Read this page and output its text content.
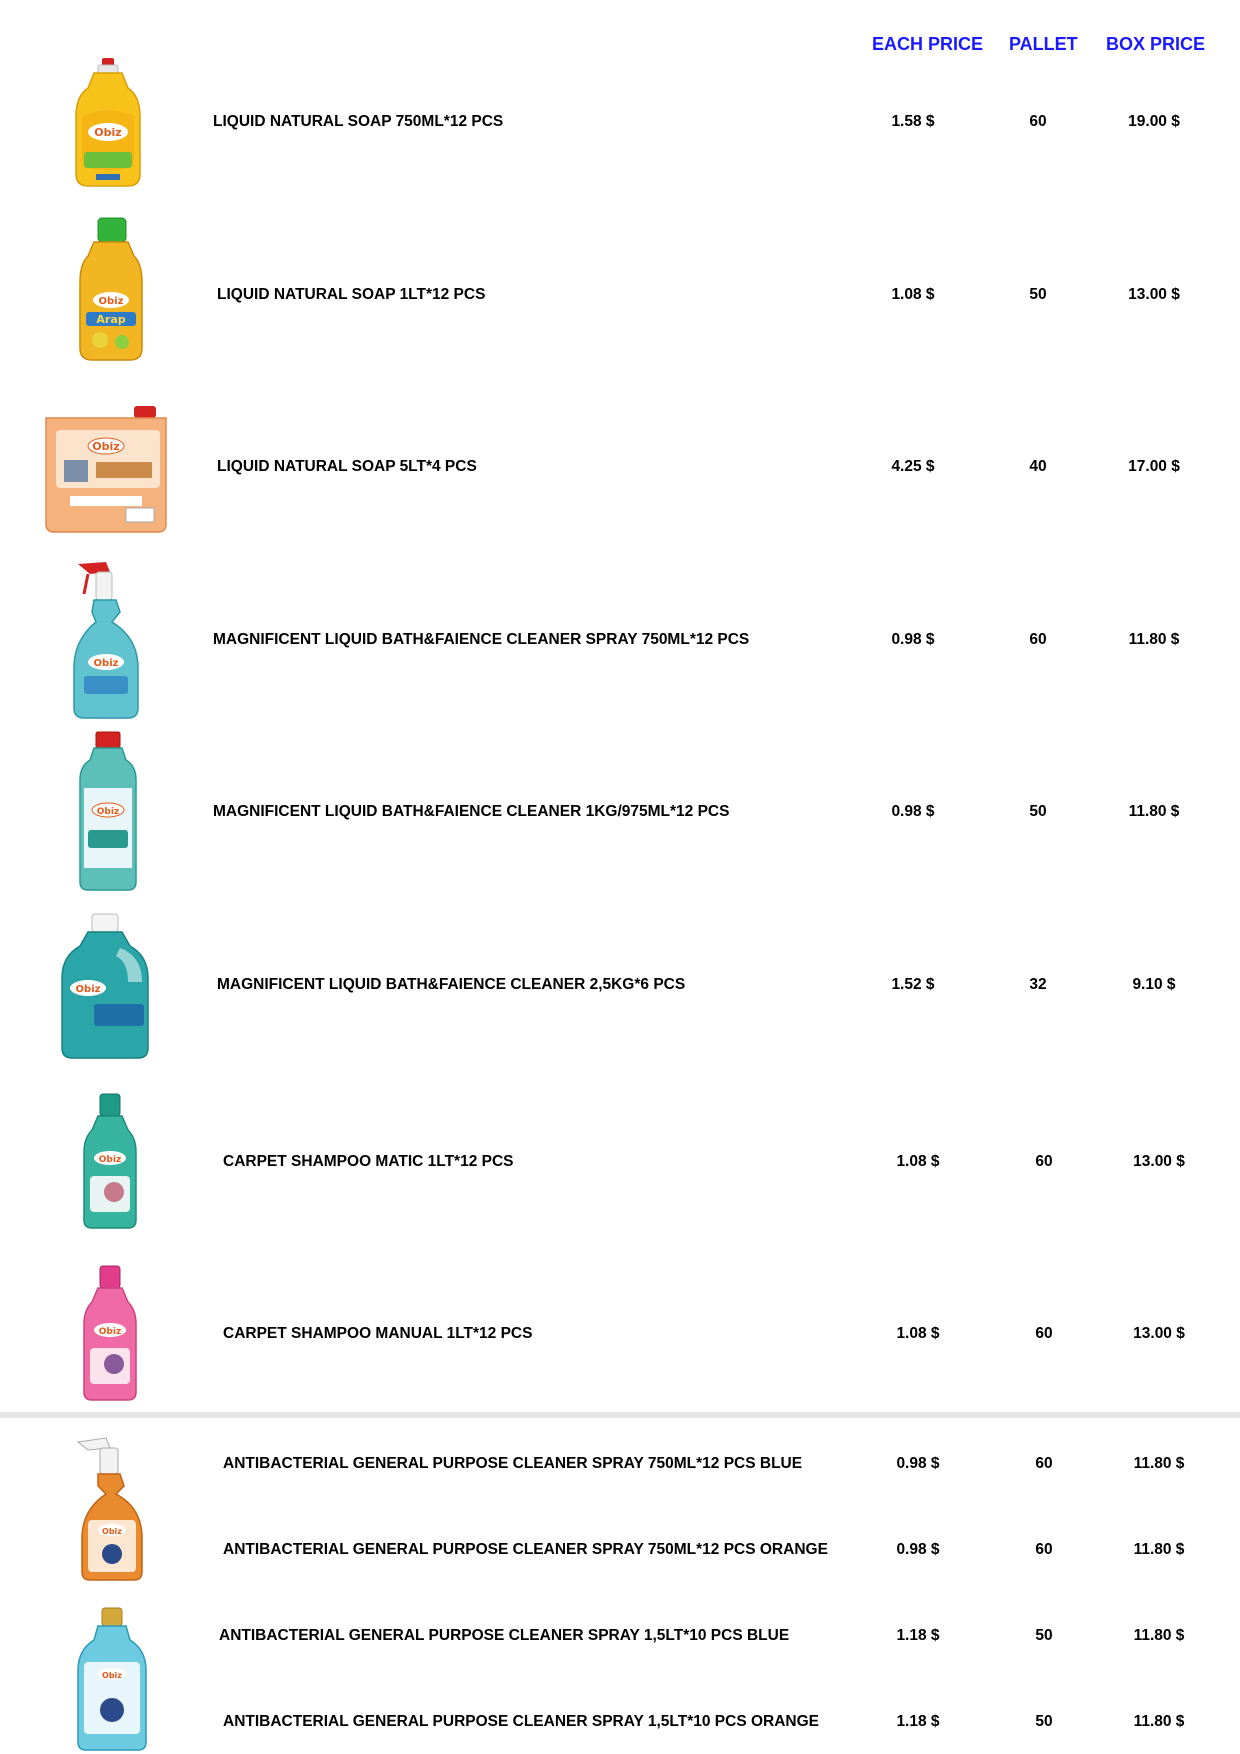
EACH PRICE PALLET BOX PRICE
LIQUID NATURAL SOAP 750ML*12 PCS	1.58 $	60	19.00 $
LIQUID NATURAL SOAP 1LT*12 PCS	1.08 $	50	13.00 $
LIQUID NATURAL SOAP 5LT*4 PCS	4.25 $	40	17.00 $
MAGNIFICENT LIQUID BATH&FAIENCE CLEANER SPRAY 750ML*12 PCS	0.98 $	60	11.80 $
MAGNIFICENT LIQUID BATH&FAIENCE CLEANER 1KG/975ML*12 PCS	0.98 $	50	11.80 $
MAGNIFICENT LIQUID BATH&FAIENCE CLEANER 2,5KG*6 PCS	1.52 $	32	9.10 $
CARPET SHAMPOO MATIC 1LT*12 PCS	1.08 $	60	13.00 $
CARPET SHAMPOO MANUAL 1LT*12 PCS	1.08 $	60	13.00 $
ANTIBACTERIAL GENERAL PURPOSE CLEANER SPRAY 750ML*12 PCS BLUE	0.98 $	60	11.80 $
ANTIBACTERIAL GENERAL PURPOSE CLEANER SPRAY 750ML*12 PCS ORANGE	0.98 $	60	11.80 $
ANTIBACTERIAL GENERAL PURPOSE CLEANER SPRAY 1,5LT*10 PCS BLUE	1.18 $	50	11.80 $
ANTIBACTERIAL GENERAL PURPOSE CLEANER SPRAY 1,5LT*10 PCS ORANGE	1.18 $	50	11.80 $
Obiz
Obiz
Arap
Obiz
Obiz
Obiz
Obiz
Obiz
Obiz
Obiz
Obiz
